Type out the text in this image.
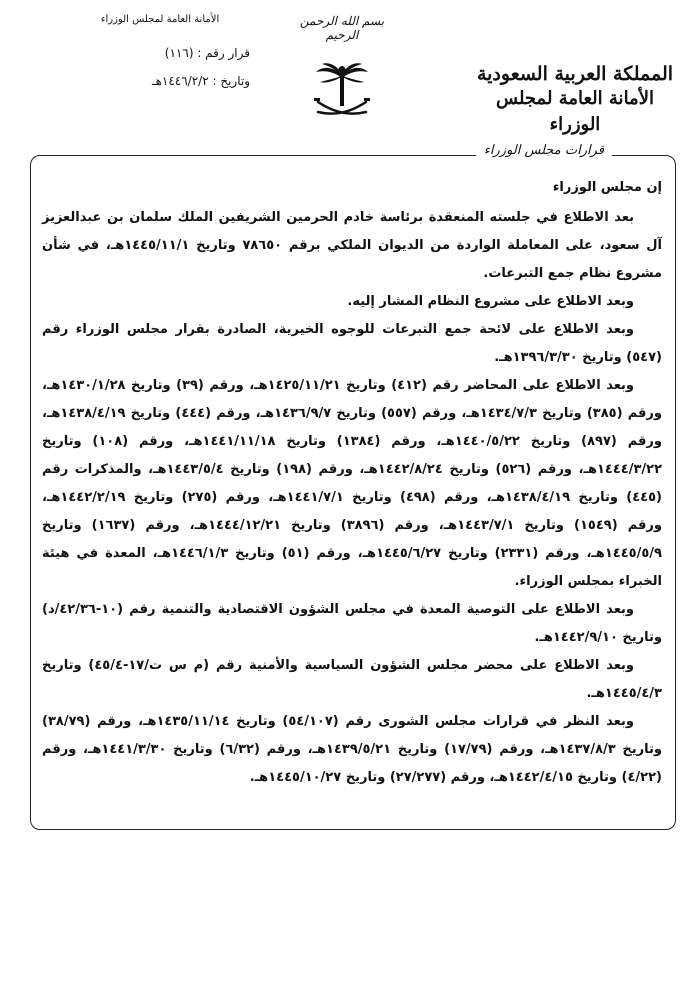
المملكة العربية السعودية
الأمانة العامة لمجلس الوزراء
بسم الله الرحمن الرحيم
الأمانة العامة لمجلس الوزراء
قرار رقم : (١١٦)
وتاريخ : ١٤٤٦/٢/٢هـ
قرارات مجلس الوزراء

إن مجلس الوزراء

بعد الاطلاع في جلسته المنعقدة برئاسة خادم الحرمين الشريفين الملك سلمان بن عبدالعزيز آل سعود، على المعاملة الواردة من الديوان الملكي برقم ٧٨٦٥٠ وتاريخ ١٤٤٥/١١/١هـ، في شأن مشروع نظام جمع التبرعات.

وبعد الاطلاع على مشروع النظام المشار إليه.

وبعد الاطلاع على لائحة جمع التبرعات للوجوه الخيرية، الصادرة بقرار مجلس الوزراء رقم (٥٤٧) وتاريخ ١٣٩٦/٣/٣٠هـ.

وبعد الاطلاع على المحاضر رقم (٤١٢) وتاريخ ١٤٢٥/١١/٢١هـ، ورقم (٣٩) وتاريخ ١٤٣٠/١/٢٨هـ، ورقم (٣٨٥) وتاريخ ١٤٣٤/٧/٣هـ، ورقم (٥٥٧) وتاريخ ١٤٣٦/٩/٧هـ، ورقم (٤٤٤) وتاريخ ١٤٣٨/٤/١٩هـ، ورقم (٨٩٧) وتاريخ ١٤٤٠/٥/٢٢هـ، ورقم (١٣٨٤) وتاريخ ١٤٤١/١١/١٨هـ، ورقم (١٠٨) وتاريخ ١٤٤٤/٣/٢٢هـ، ورقم (٥٢٦) وتاريخ ١٤٤٢/٨/٢٤هـ، ورقم (١٩٨) وتاريخ ١٤٤٣/٥/٤هـ، والمذكرات رقم (٤٤٥) وتاريخ ١٤٣٨/٤/١٩هـ، ورقم (٤٩٨) وتاريخ ١٤٤١/٧/١هـ، ورقم (٢٧٥) وتاريخ ١٤٤٢/٢/١٩هـ، ورقم (١٥٤٩) وتاريخ ١٤٤٣/٧/١هـ، ورقم (٣٨٩٦) وتاريخ ١٤٤٤/١٢/٢١هـ، ورقم (١٦٣٧) وتاريخ ١٤٤٥/٥/٩هـ، ورقم (٢٣٣١) وتاريخ ١٤٤٥/٦/٢٧هـ، ورقم (٥١) وتاريخ ١٤٤٦/١/٣هـ، المعدة في هيئة الخبراء بمجلس الوزراء.

وبعد الاطلاع على التوصية المعدة في مجلس الشؤون الاقتصادية والتنمية رقم (١٠-٤٢/٣٦/د) وتاريخ ١٤٤٢/٩/١٠هـ.

وبعد الاطلاع على محضر مجلس الشؤون السياسية والأمنية رقم (م س ت/١٧-٤٥/٤) وتاريخ ١٤٤٥/٤/٣هـ.

وبعد النظر في قرارات مجلس الشورى رقم (٥٤/١٠٧) وتاريخ ١٤٣٥/١١/١٤هـ، ورقم (٣٨/٧٩) وتاريخ ١٤٣٧/٨/٣هـ، ورقم (١٧/٧٩) وتاريخ ١٤٣٩/٥/٢١هـ، ورقم (٦/٣٢) وتاريخ ١٤٤١/٣/٣٠هـ، ورقم (٤/٢٢) وتاريخ ١٤٤٢/٤/١٥هـ، ورقم (٢٧/٢٧٧) وتاريخ ١٤٤٥/١٠/٢٧هـ.
